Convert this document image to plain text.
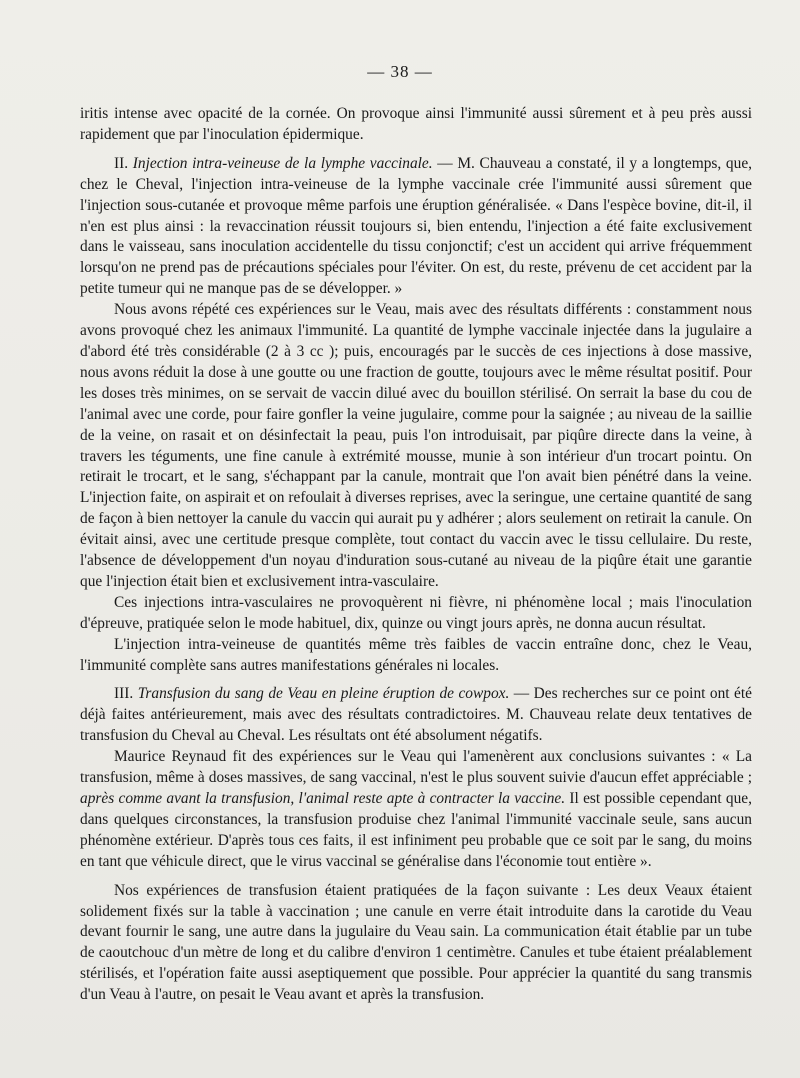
— 38 —

iritis intense avec opacité de la cornée. On provoque ainsi l'immunité aussi sûrement et à peu près aussi rapidement que par l'inoculation épidermique.

II. Injection intra-veineuse de la lymphe vaccinale. — M. Chauveau a constaté, il y a longtemps, que, chez le Cheval, l'injection intra-veineuse de la lymphe vaccinale crée l'immunité aussi sûrement que l'injection sous-cutanée et provoque même parfois une éruption généralisée. « Dans l'espèce bovine, dit-il, il n'en est plus ainsi : la revaccination réussit toujours si, bien entendu, l'injection a été faite exclusivement dans le vaisseau, sans inoculation accidentelle du tissu conjonctif; c'est un accident qui arrive fréquemment lorsqu'on ne prend pas de précautions spéciales pour l'éviter. On est, du reste, prévenu de cet accident par la petite tumeur qui ne manque pas de se développer. »

Nous avons répété ces expériences sur le Veau, mais avec des résultats différents : constamment nous avons provoqué chez les animaux l'immunité. La quantité de lymphe vaccinale injectée dans la jugulaire a d'abord été très considérable (2 à 3 cc ); puis, encouragés par le succès de ces injections à dose massive, nous avons réduit la dose à une goutte ou une fraction de goutte, toujours avec le même résultat positif. Pour les doses très minimes, on se servait de vaccin dilué avec du bouillon stérilisé. On serrait la base du cou de l'animal avec une corde, pour faire gonfler la veine jugulaire, comme pour la saignée ; au niveau de la saillie de la veine, on rasait et on désinfectait la peau, puis l'on introduisait, par piqûre directe dans la veine, à travers les téguments, une fine canule à extrémité mousse, munie à son intérieur d'un trocart pointu. On retirait le trocart, et le sang, s'échappant par la canule, montrait que l'on avait bien pénétré dans la veine. L'injection faite, on aspirait et on refoulait à diverses reprises, avec la seringue, une certaine quantité de sang de façon à bien nettoyer la canule du vaccin qui aurait pu y adhérer ; alors seulement on retirait la canule. On évitait ainsi, avec une certitude presque complète, tout contact du vaccin avec le tissu cellulaire. Du reste, l'absence de développement d'un noyau d'induration sous-cutané au niveau de la piqûre était une garantie que l'injection était bien et exclusivement intra-vasculaire.

Ces injections intra-vasculaires ne provoquèrent ni fièvre, ni phénomène local ; mais l'inoculation d'épreuve, pratiquée selon le mode habituel, dix, quinze ou vingt jours après, ne donna aucun résultat.

L'injection intra-veineuse de quantités même très faibles de vaccin entraîne donc, chez le Veau, l'immunité complète sans autres manifestations générales ni locales.

III. Transfusion du sang de Veau en pleine éruption de cowpox. — Des recherches sur ce point ont été déjà faites antérieurement, mais avec des résultats contradictoires. M. Chauveau relate deux tentatives de transfusion du Cheval au Cheval. Les résultats ont été absolument négatifs.

Maurice Reynaud fit des expériences sur le Veau qui l'amenèrent aux conclusions suivantes : « La transfusion, même à doses massives, de sang vaccinal, n'est le plus souvent suivie d'aucun effet appréciable ; après comme avant la transfusion, l'animal reste apte à contracter la vaccine. Il est possible cependant que, dans quelques circonstances, la transfusion produise chez l'animal l'immunité vaccinale seule, sans aucun phénomène extérieur. D'après tous ces faits, il est infiniment peu probable que ce soit par le sang, du moins en tant que véhicule direct, que le virus vaccinal se généralise dans l'économie tout entière ».

Nos expériences de transfusion étaient pratiquées de la façon suivante : Les deux Veaux étaient solidement fixés sur la table à vaccination ; une canule en verre était introduite dans la carotide du Veau devant fournir le sang, une autre dans la jugulaire du Veau sain. La communication était établie par un tube de caoutchouc d'un mètre de long et du calibre d'environ 1 centimètre. Canules et tube étaient préalablement stérilisés, et l'opération faite aussi aseptiquement que possible. Pour apprécier la quantité du sang transmis d'un Veau à l'autre, on pesait le Veau avant et après la transfusion.
